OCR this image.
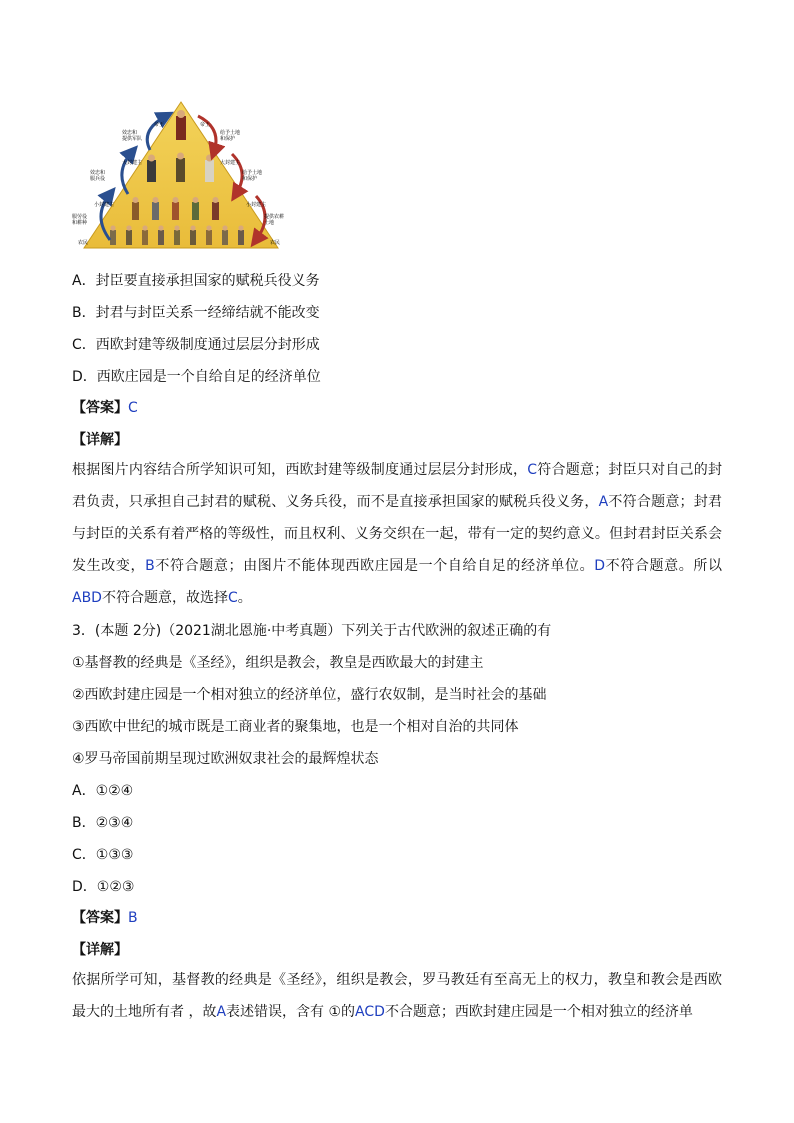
帝王
效忠和提供军队
大封建主
效忠和服兵役
小封建主
服劳役和耕种
农民
帝王
给予土地和保护
大封建主
给予土地和保护
小封建主
提供农耕土地
农民
A．封臣要直接承担国家的赋税兵役义务
B．封君与封臣关系一经缔结就不能改变
C．西欧封建等级制度通过层层分封形成
D．西欧庄园是一个自给自足的经济单位
【答案】C
【详解】
根据图片内容结合所学知识可知，西欧封建等级制度通过层层分封形成，C符合题意；封臣只对自己的封君负责，只承担自己封君的赋税、义务兵役，而不是直接承担国家的赋税兵役义务，A不符合题意；封君与封臣的关系有着严格的等级性，而且权利、义务交织在一起，带有一定的契约意义。但封君封臣关系会发生改变，B不符合题意；由图片不能体现西欧庄园是一个自给自足的经济单位。D不符合题意。所以ABD不符合题意，故选择C。
3．(本题 2分)（2021湖北恩施·中考真题）下列关于古代欧洲的叙述正确的有
①基督教的经典是《圣经》，组织是教会，教皇是西欧最大的封建主
②西欧封建庄园是一个相对独立的经济单位，盛行农奴制，是当时社会的基础
③西欧中世纪的城市既是工商业者的聚集地，也是一个相对自治的共同体
④罗马帝国前期呈现过欧洲奴隶社会的最辉煌状态
A．①②④
B．②③④
C．①③③
D．①②③
【答案】B
【详解】
依据所学可知，基督教的经典是《圣经》，组织是教会，罗马教廷有至高无上的权力，教皇和教会是西欧最大的土地所有者 ，故A表述错误，含有 ①的ACD不合题意；西欧封建庄园是一个相对独立的经济单
